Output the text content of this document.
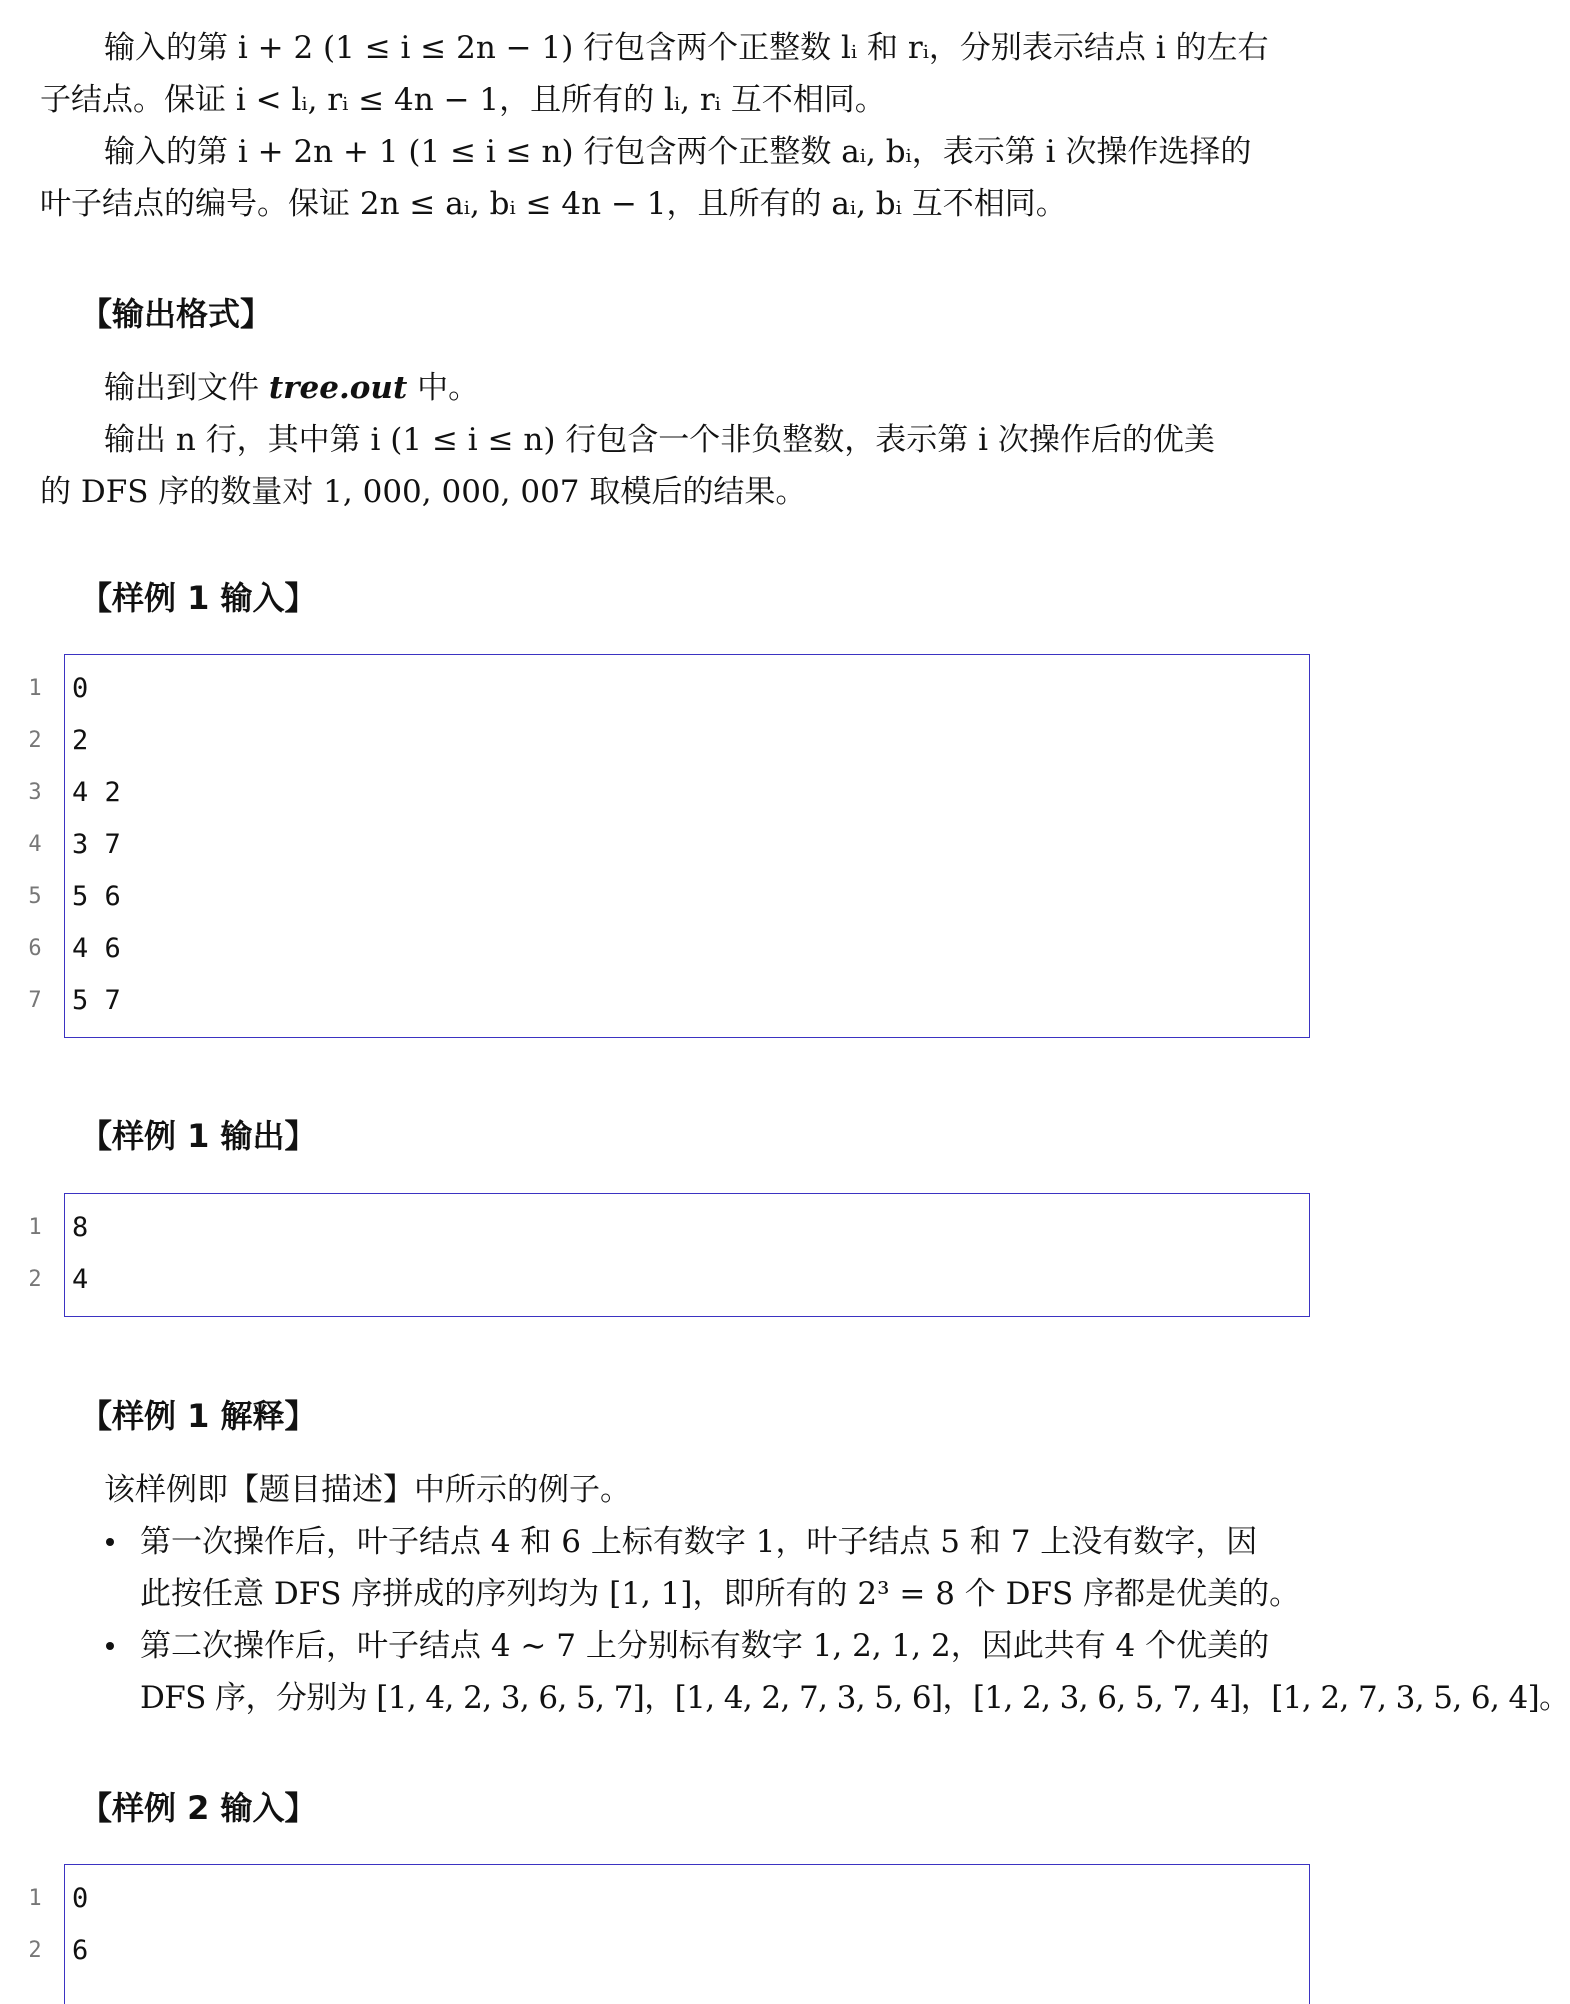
输入的第 i + 2 (1 ≤ i ≤ 2n − 1) 行包含两个正整数 lᵢ 和 rᵢ，分别表示结点 i 的左右
子结点。保证 i < lᵢ, rᵢ ≤ 4n − 1，且所有的 lᵢ, rᵢ 互不相同。

输入的第 i + 2n + 1 (1 ≤ i ≤ n) 行包含两个正整数 aᵢ, bᵢ，表示第 i 次操作选择的
叶子结点的编号。保证 2n ≤ aᵢ, bᵢ ≤ 4n − 1，且所有的 aᵢ, bᵢ 互不相同。

【输出格式】

输出到文件 tree.out 中。
输出 n 行，其中第 i (1 ≤ i ≤ n) 行包含一个非负整数，表示第 i 次操作后的优美
的 DFS 序的数量对 1, 000, 000, 007 取模后的结果。

【样例 1 输入】
1	0
2	2
3	4 2
4	3 7
5	5 6
6	4 6
7	5 7
【样例 1 输出】
1	8
2	4
【样例 1 解释】

该样例即【题目描述】中所示的例子。

第一次操作后，叶子结点 4 和 6 上标有数字 1，叶子结点 5 和 7 上没有数字，因
此按任意 DFS 序拼成的序列均为 [1, 1]，即所有的 2³ = 8 个 DFS 序都是优美的。
第二次操作后，叶子结点 4 ∼ 7 上分别标有数字 1, 2, 1, 2，因此共有 4 个优美的
DFS 序，分别为 [1, 4, 2, 3, 6, 5, 7]，[1, 4, 2, 7, 3, 5, 6]，[1, 2, 3, 6, 5, 7, 4]，[1, 2, 7, 3, 5, 6, 4]。
【样例 2 输入】
1	0
2	6
